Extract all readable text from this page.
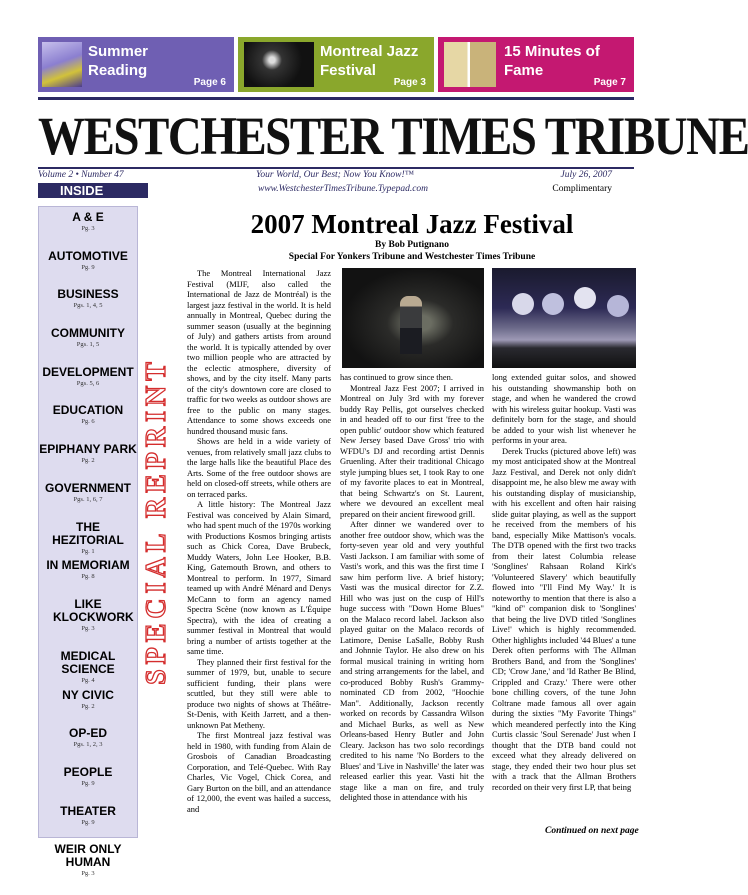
Summer
Reading
Page 6
Montreal Jazz
Festival
Page 3
15 Minutes of
Fame
Page 7
WESTCHESTER TIMES TRIBUNE
Volume 2 • Number 47	Your World, Our Best; Now You Know!™	July 26, 2007
INSIDE	www.WestchesterTimesTribune.Typepad.com	Complimentary
A & E
Pg. 3
AUTOMOTIVE
Pg. 9
BUSINESS
Pgs. 1, 4, 5
COMMUNITY
Pgs. 1, 5
DEVELOPMENT
Pgs. 5, 6
EDUCATION
Pg. 6
EPIPHANY PARK
Pg. 2
GOVERNMENT
Pgs. 1, 6, 7
THE HEZITORIAL
Pg. 1
IN MEMORIAM
Pg. 8
LIKE KLOCKWORK
Pg. 3
MEDICAL SCIENCE
Pg. 4
NY CIVIC
Pg. 2
OP-ED
Pgs. 1, 2, 3
PEOPLE
Pg. 9
THEATER
Pg. 9
WEIR ONLY HUMAN
Pg. 3
SPECIAL REPRINT
2007 Montreal Jazz Festival
By Bob Putignano
Special For Yonkers Tribune and Westchester Times Tribune

The Montreal International Jazz Festival (MIJF, also called the International de Jazz de Montréal) is the largest jazz festival in the world. It is held annually in Montreal, Quebec during the summer season (usually at the beginning of July) and gathers artists from around the world. It is typically attended by over two million people who are attracted by the eclectic atmosphere, diversity of shows, and by the city itself. Many parts of the city's downtown core are closed to traffic for two weeks as outdoor shows are free to the public on many stages. Attendance to some shows exceeds one hundred thousand music fans.

Shows are held in a wide variety of venues, from relatively small jazz clubs to the large halls like the beautiful Place des Arts. Some of the free outdoor shows are held on closed-off streets, while others are on terraced parks.

A little history: The Montreal Jazz Festival was conceived by Alain Simard, who had spent much of the 1970s working with Productions Kosmos bringing artists such as Chick Corea, Dave Brubeck, Muddy Waters, John Lee Hooker, B.B. King, Gatemouth Brown, and others to Montreal to perform. In 1977, Simard teamed up with André Ménard and Denys McCann to form an agency named Spectra Scène (now known as L'Équipe Spectra), with the idea of creating a summer festival in Montreal that would bring a number of artists together at the same time.

They planned their first festival for the summer of 1979, but, unable to secure sufficient funding, their plans were scuttled, but they still were able to produce two nights of shows at Théâtre-St-Denis, with Keith Jarrett, and a then-unknown Pat Metheny.

The first Montreal jazz festival was held in 1980, with funding from Alain de Grosbois of Canadian Broadcasting Corporation, and Telé-Quebec. With Ray Charles, Vic Vogel, Chick Corea, and Gary Burton on the bill, and an attendance of 12,000, the event was hailed a success, and

has continued to grow since then.

Montreal Jazz Fest 2007; I arrived in Montreal on July 3rd with my forever buddy Ray Pellis, got ourselves checked in and headed off to our first 'free to the open public' outdoor show which featured New Jersey based Dave Gross' trio with WFDU's DJ and recording artist Dennis Gruenling. After their traditional Chicago style jumping blues set, I took Ray to one of my favorite places to eat in Montreal, that being Schwartz's on St. Laurent, where we devoured an excellent meal prepared on their ancient firewood grill.

After dinner we wandered over to another free outdoor show, which was the forty-seven year old and very youthful Vasti Jackson. I am familiar with some of Vasti's work, and this was the first time I saw him perform live. A brief history; Vasti was the musical director for Z.Z. Hill who was just on the cusp of Hill's huge success with "Down Home Blues" on the Malaco record label. Jackson also played guitar on the Malaco records of Latimore, Denise LaSalle, Bobby Rush and Johnnie Taylor. He also drew on his formal musical training in writing horn and string arrangements for the label, and co-produced Bobby Rush's Grammy-nominated CD from 2002, "Hoochie Man". Additionally, Jackson recently worked on records by Cassandra Wilson and Michael Burks, as well as New Orleans-based Henry Butler and John Cleary. Jackson has two solo recordings credited to his name 'No Borders to the Blues' and 'Live in Nashville' the later was released earlier this year. Vasti hit the stage like a man on fire, and truly delighted those in attendance with his

long extended guitar solos, and showed his outstanding showmanship both on stage, and when he wandered the crowd with his wireless guitar hookup. Vasti was definitely born for the stage, and should be added to your wish list whenever he performs in your area.

Derek Trucks (pictured above left) was my most anticipated show at the Montreal Jazz Festival, and Derek not only didn't disappoint me, he also blew me away with his outstanding display of musicianship, with his excellent and often hair raising slide guitar playing, as well as the support he received from the members of his band, especially Mike Mattison's vocals. The DTB opened with the first two tracks from their latest Columbia release 'Songlines' Rahsaan Roland Kirk's 'Volunteered Slavery' which beautifully flowed into "I'll Find My Way.' It is noteworthy to mention that there is also a "kind of" companion disk to 'Songlines' that being the live DVD titled 'Songlines Live!' which is highly recommended. Other highlights included '44 Blues' a tune Derek often performs with The Allman Brothers Band, and from the 'Songlines' CD; 'Crow Jane,' and 'Id Rather Be Blind, Crippled and Crazy.' There were other bone chilling covers, of the tune John Coltrane made famous all over again during the sixties "My Favorite Things" which meandered perfectly into the King Curtis classic 'Soul Serenade' Just when I thought that the DTB band could not exceed what they already delivered on stage, they ended their two hour plus set with a track that the Allman Brothers recorded on their very first LP, that being

Continued on next page
